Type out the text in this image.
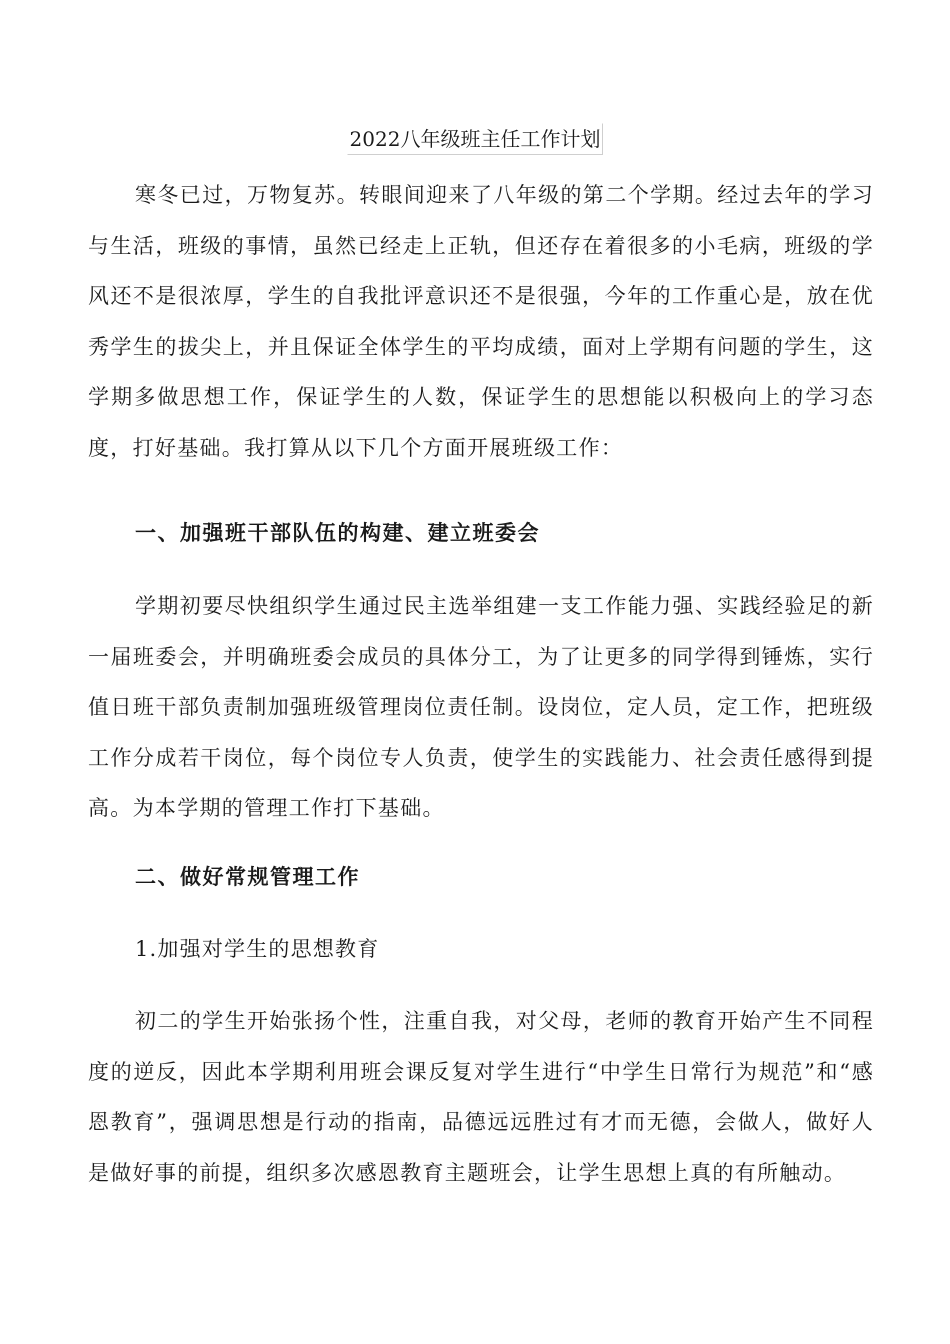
2022八年级班主任工作计划

寒冬已过，万物复苏。转眼间迎来了八年级的第二个学期。经过去年的学习与生活，班级的事情，虽然已经走上正轨，但还存在着很多的小毛病，班级的学风还不是很浓厚，学生的自我批评意识还不是很强，今年的工作重心是，放在优秀学生的拔尖上，并且保证全体学生的平均成绩，面对上学期有问题的学生，这学期多做思想工作，保证学生的人数，保证学生的思想能以积极向上的学习态度，打好基础。我打算从以下几个方面开展班级工作：

一、加强班干部队伍的构建、建立班委会

学期初要尽快组织学生通过民主选举组建一支工作能力强、实践经验足的新一届班委会，并明确班委会成员的具体分工，为了让更多的同学得到锤炼，实行值日班干部负责制加强班级管理岗位责任制。设岗位，定人员，定工作，把班级工作分成若干岗位，每个岗位专人负责，使学生的实践能力、社会责任感得到提高。为本学期的管理工作打下基础。

二、做好常规管理工作

1.加强对学生的思想教育

初二的学生开始张扬个性，注重自我，对父母，老师的教育开始产生不同程度的逆反，因此本学期利用班会课反复对学生进行“中学生日常行为规范”和“感恩教育”，强调思想是行动的指南，品德远远胜过有才而无德，会做人，做好人是做好事的前提，组织多次感恩教育主题班会，让学生思想上真的有所触动。
